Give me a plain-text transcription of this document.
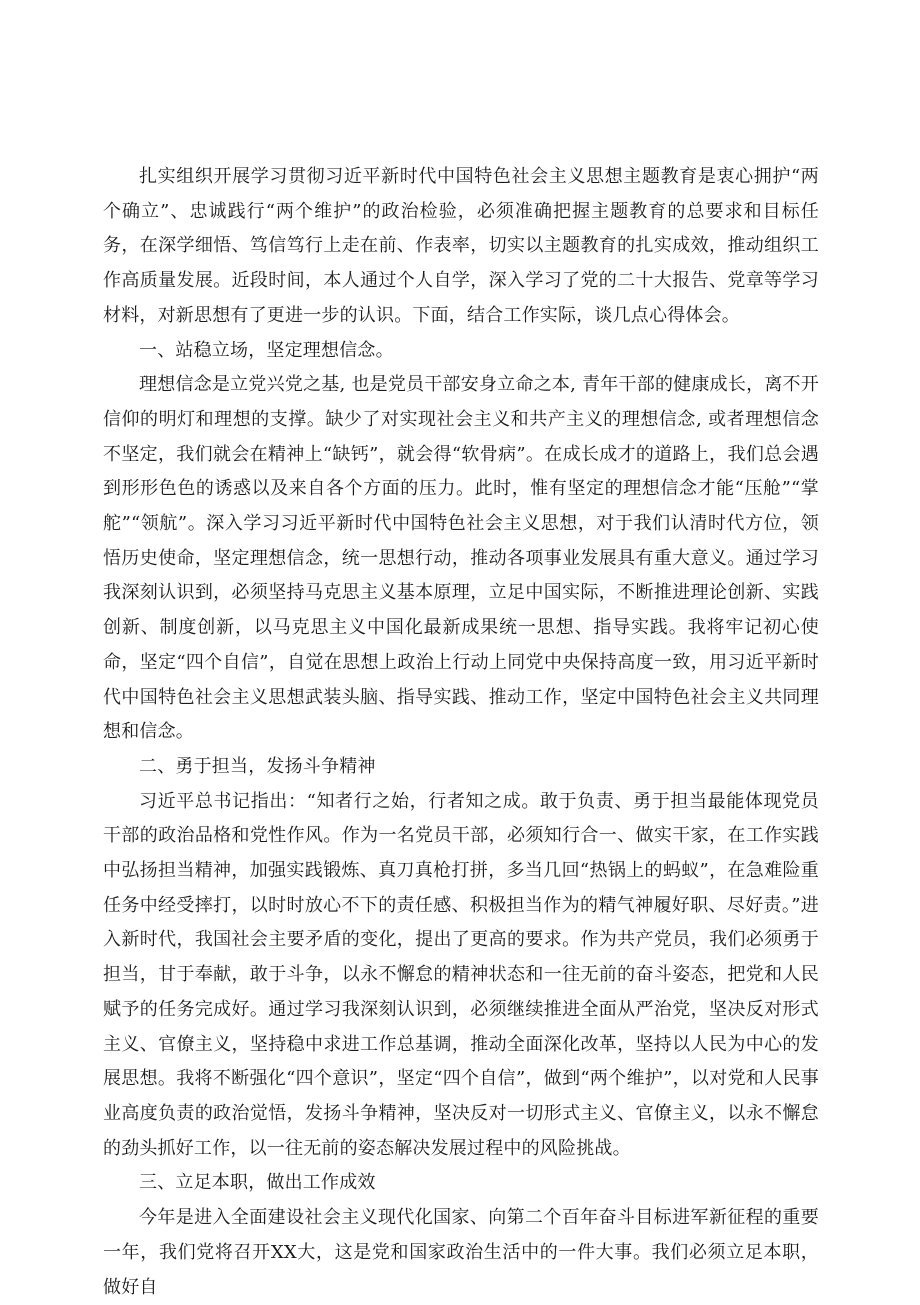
扎实组织开展学习贯彻习近平新时代中国特色社会主义思想主题教育是衷心拥护“两个确立”、忠诚践行“两个维护”的政治检验，必须准确把握主题教育的总要求和目标任务，在深学细悟、笃信笃行上走在前、作表率，切实以主题教育的扎实成效，推动组织工作高质量发展。近段时间，本人通过个人自学，深入学习了党的二十大报告、党章等学习材料，对新思想有了更进一步的认识。下面，结合工作实际，谈几点心得体会。

一、站稳立场，坚定理想信念。

理想信念是立党兴党之基, 也是党员干部安身立命之本, 青年干部的健康成长，离不开信仰的明灯和理想的支撑。缺少了对实现社会主义和共产主义的理想信念, 或者理想信念不坚定，我们就会在精神上“缺钙”，就会得“软骨病”。在成长成才的道路上，我们总会遇到形形色色的诱惑以及来自各个方面的压力。此时，惟有坚定的理想信念才能“压舱”“掌舵”“领航”。深入学习习近平新时代中国特色社会主义思想，对于我们认清时代方位，领悟历史使命，坚定理想信念，统一思想行动，推动各项事业发展具有重大意义。通过学习我深刻认识到，必须坚持马克思主义基本原理，立足中国实际，不断推进理论创新、实践创新、制度创新，以马克思主义中国化最新成果统一思想、指导实践。我将牢记初心使命，坚定“四个自信”，自觉在思想上政治上行动上同党中央保持高度一致，用习近平新时代中国特色社会主义思想武装头脑、指导实践、推动工作，坚定中国特色社会主义共同理想和信念。

二、勇于担当，发扬斗争精神

习近平总书记指出：“知者行之始，行者知之成。敢于负责、勇于担当最能体现党员干部的政治品格和党性作风。作为一名党员干部，必须知行合一、做实干家，在工作实践中弘扬担当精神，加强实践锻炼、真刀真枪打拼，多当几回“热锅上的蚂蚁”，在急难险重任务中经受摔打，以时时放心不下的责任感、积极担当作为的精气神履好职、尽好责。”进入新时代，我国社会主要矛盾的变化，提出了更高的要求。作为共产党员，我们必须勇于担当，甘于奉献，敢于斗争，以永不懈怠的精神状态和一往无前的奋斗姿态，把党和人民赋予的任务完成好。通过学习我深刻认识到，必须继续推进全面从严治党，坚决反对形式主义、官僚主义，坚持稳中求进工作总基调，推动全面深化改革，坚持以人民为中心的发展思想。我将不断强化“四个意识”，坚定“四个自信”，做到“两个维护”，以对党和人民事业高度负责的政治觉悟，发扬斗争精神，坚决反对一切形式主义、官僚主义，以永不懈怠的劲头抓好工作，以一往无前的姿态解决发展过程中的风险挑战。

三、立足本职，做出工作成效

今年是进入全面建设社会主义现代化国家、向第二个百年奋斗目标进军新征程的重要一年，我们党将召开XX大，这是党和国家政治生活中的一件大事。我们必须立足本职，做好自
